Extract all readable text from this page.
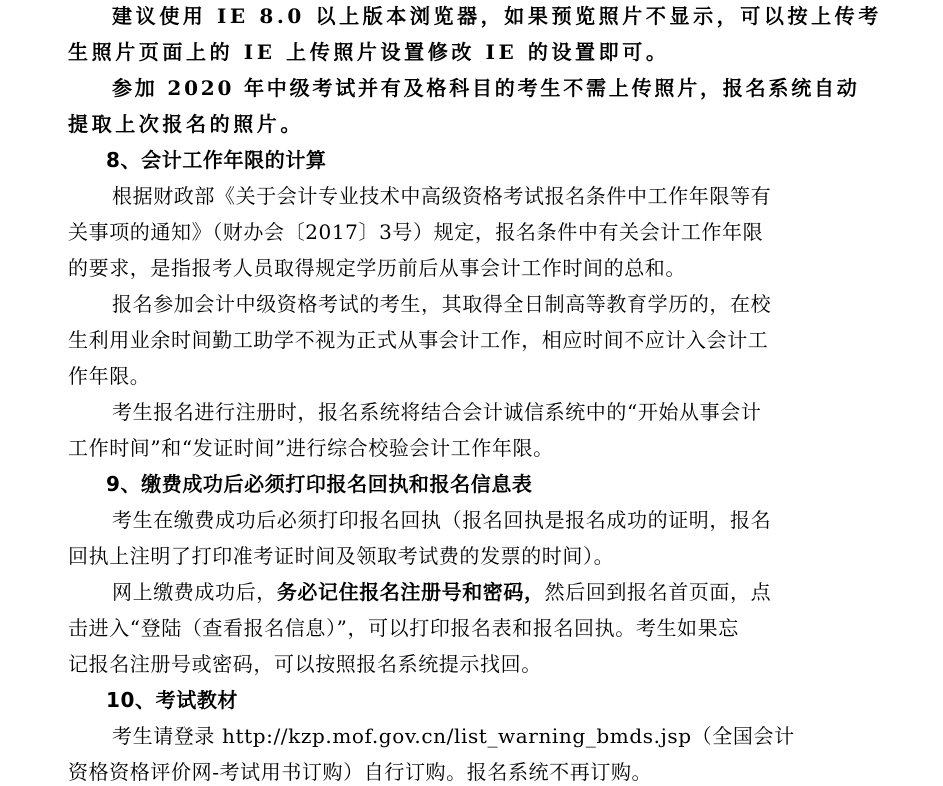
建议使用 IE 8.0 以上版本浏览器，如果预览照片不显示，可以按上传考
生照片页面上的 IE 上传照片设置修改 IE 的设置即可。
参加 2020 年中级考试并有及格科目的考生不需上传照片，报名系统自动
提取上次报名的照片。
8、会计工作年限的计算
根据财政部《关于会计专业技术中高级资格考试报名条件中工作年限等有
关事项的通知》（财办会〔2017〕3号）规定，报名条件中有关会计工作年限
的要求，是指报考人员取得规定学历前后从事会计工作时间的总和。
报名参加会计中级资格考试的考生，其取得全日制高等教育学历的，在校
生利用业余时间勤工助学不视为正式从事会计工作，相应时间不应计入会计工
作年限。
考生报名进行注册时，报名系统将结合会计诚信系统中的“开始从事会计
工作时间”和“发证时间”进行综合校验会计工作年限。
9、缴费成功后必须打印报名回执和报名信息表
考生在缴费成功后必须打印报名回执（报名回执是报名成功的证明，报名
回执上注明了打印准考证时间及领取考试费的发票的时间）。
网上缴费成功后，务必记住报名注册号和密码，然后回到报名首页面，点
击进入“登陆（查看报名信息）”，可以打印报名表和报名回执。考生如果忘
记报名注册号或密码，可以按照报名系统提示找回。
10、考试教材
考生请登录 http://kzp.mof.gov.cn/list_warning_bmds.jsp（全国会计
资格资格评价网-考试用书订购）自行订购。报名系统不再订购。
